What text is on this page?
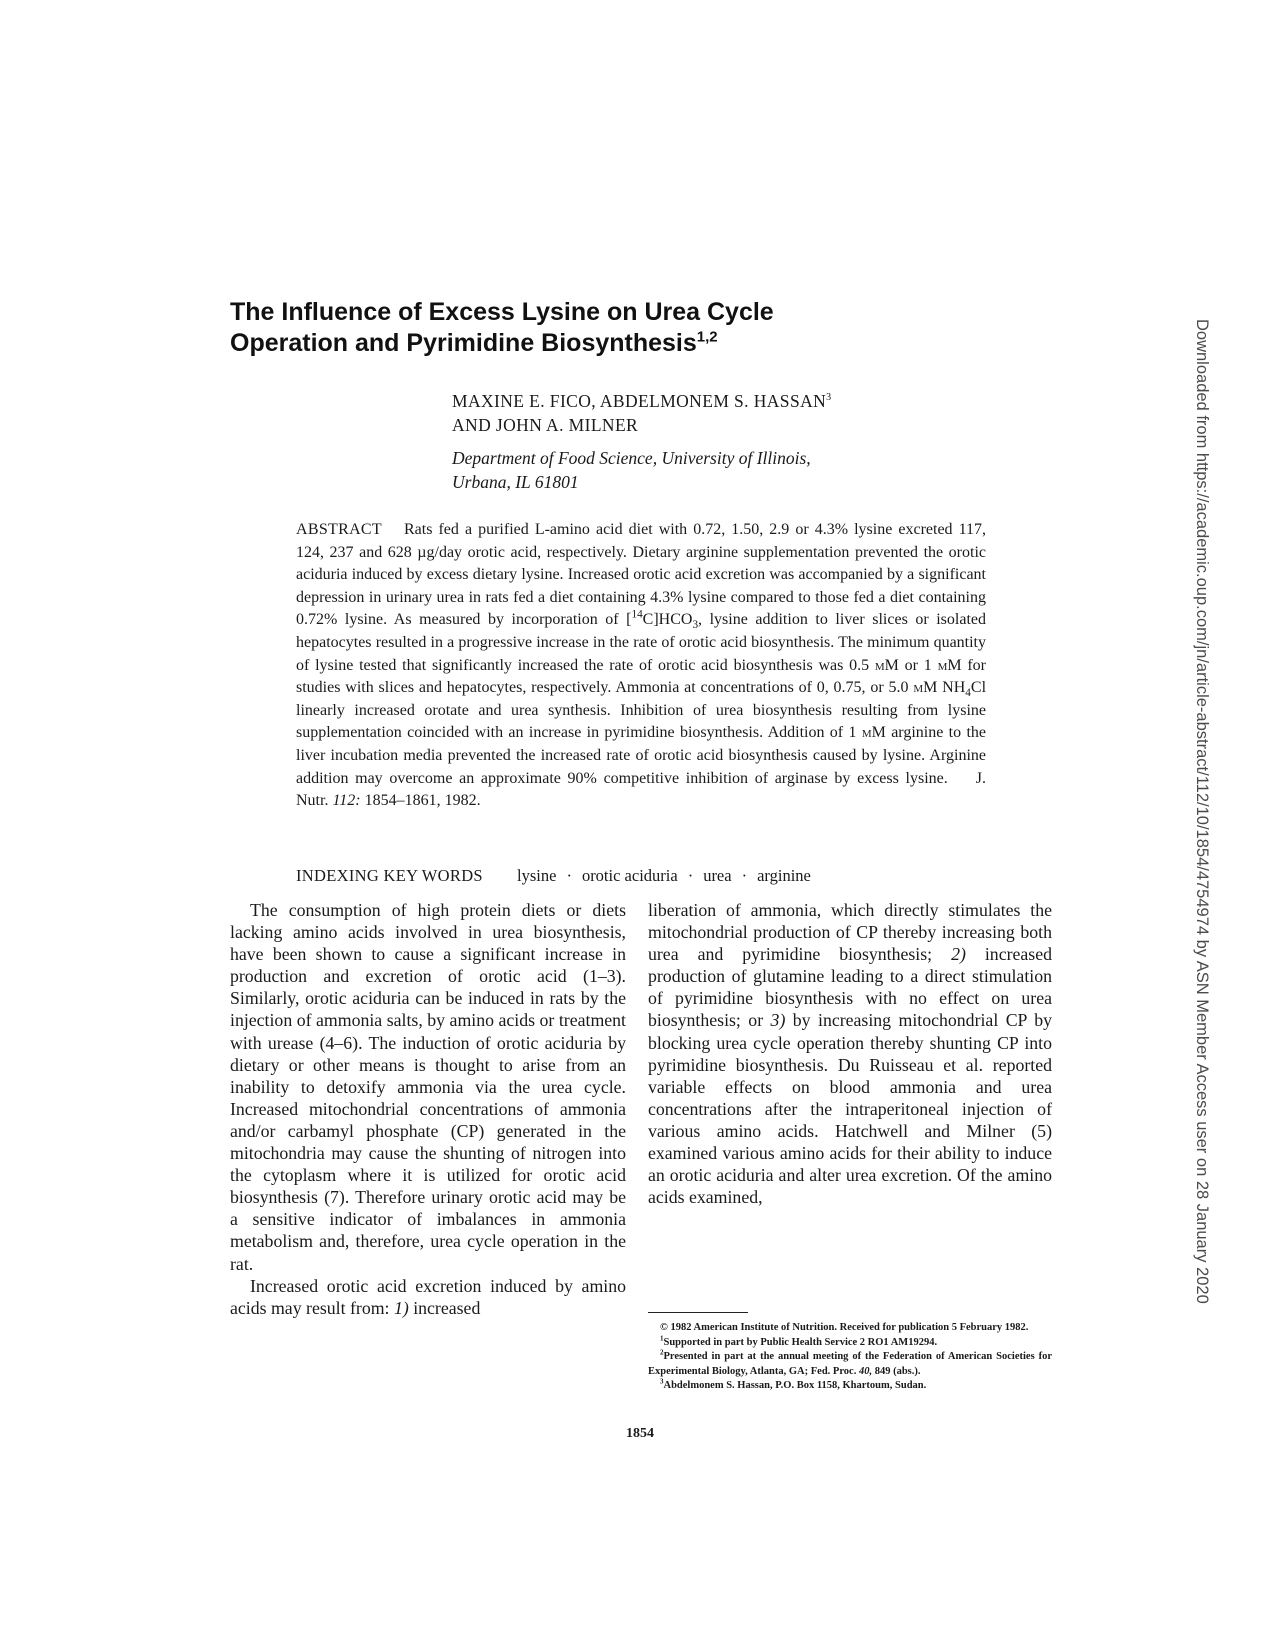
The Influence of Excess Lysine on Urea Cycle
Operation and Pyrimidine Biosynthesis$^{1,2}$

MAXINE E. FICO, ABDELMONEM S. HASSAN$^3$
AND JOHN A. MILNER

Department of Food Science, University of Illinois,
Urbana, IL 61801

ABSTRACT Rats fed a purified L-amino acid diet with 0.72, 1.50, 2.9 or 4.3% lysine excreted 117, 124, 237 and 628 µg/day orotic acid, respectively. Dietary arginine supplementation prevented the orotic aciduria induced by excess dietary lysine. Increased orotic acid excretion was accompanied by a significant depression in urinary urea in rats fed a diet containing 4.3% lysine compared to those fed a diet containing 0.72% lysine. As measured by incorporation of $[^{14}C]HCO_3$, lysine addition to liver slices or isolated hepatocytes resulted in a progressive increase in the rate of orotic acid biosynthesis. The minimum quantity of lysine tested that significantly increased the rate of orotic acid biosynthesis was 0.5 mM or 1 mM for studies with slices and hepatocytes, respectively. Ammonia at concentrations of 0, 0.75, or 5.0 mM $NH_4Cl$ linearly increased orotate and urea synthesis. Inhibition of urea biosynthesis resulting from lysine supplementation coincided with an increase in pyrimidine biosynthesis. Addition of 1 mM arginine to the liver incubation media prevented the increased rate of orotic acid biosynthesis caused by lysine. Arginine addition may overcome an approximate 90% competitive inhibition of arginase by excess lysine. J. Nutr. 112: 1854–1861, 1982.

INDEXING KEY WORDS lysine · orotic aciduria · urea · arginine

The consumption of high protein diets or diets lacking amino acids involved in urea biosynthesis, have been shown to cause a significant increase in production and excretion of orotic acid (1–3). Similarly, orotic aciduria can be induced in rats by the injection of ammonia salts, by amino acids or treatment with urease (4–6). The induction of orotic aciduria by dietary or other means is thought to arise from an inability to detoxify ammonia via the urea cycle. Increased mitochondrial concentrations of ammonia and/or carbamyl phosphate (CP) generated in the mitochondria may cause the shunting of nitrogen into the cytoplasm where it is utilized for orotic acid biosynthesis (7). Therefore urinary orotic acid may be a sensitive indicator of imbalances in ammonia metabolism and, therefore, urea cycle operation in the rat.

Increased orotic acid excretion induced by amino acids may result from: 1) increased

liberation of ammonia, which directly stimulates the mitochondrial production of CP thereby increasing both urea and pyrimidine biosynthesis; 2) increased production of glutamine leading to a direct stimulation of pyrimidine biosynthesis with no effect on urea biosynthesis; or 3) by increasing mitochondrial CP by blocking urea cycle operation thereby shunting CP into pyrimidine biosynthesis. Du Ruisseau et al. reported variable effects on blood ammonia and urea concentrations after the intraperitoneal injection of various amino acids. Hatchwell and Milner (5) examined various amino acids for their ability to induce an orotic aciduria and alter urea excretion. Of the amino acids examined,

© 1982 American Institute of Nutrition. Received for publication 5 February 1982.

$^1$Supported in part by Public Health Service 2 RO1 AM19294.

$^2$Presented in part at the annual meeting of the Federation of American Societies for Experimental Biology, Atlanta, GA; Fed. Proc. 40, 849 (abs.).

$^3$Abdelmonem S. Hassan, P.O. Box 1158, Khartoum, Sudan.

1854

Downloaded from https://academic.oup.com/jn/article-abstract/112/10/1854/4754974 by ASN Member Access user on 28 January 2020
